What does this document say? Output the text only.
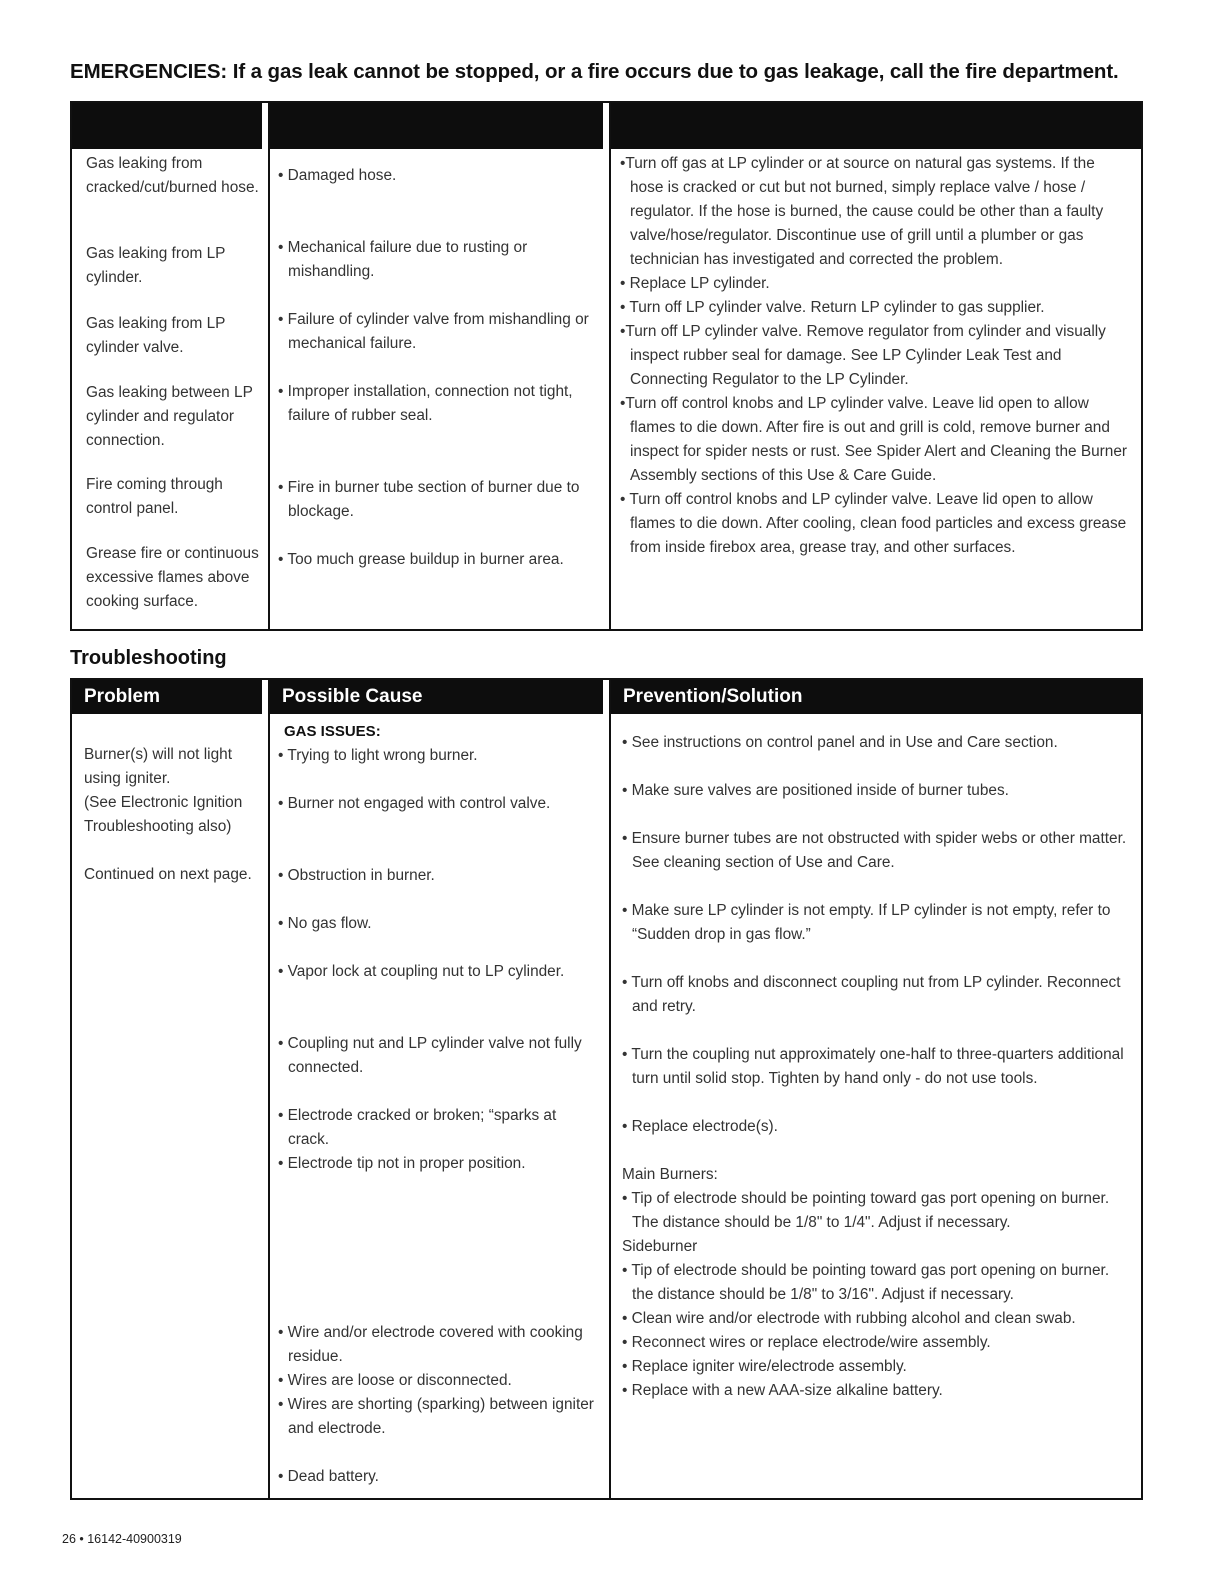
EMERGENCIES: If a gas leak cannot be stopped, or a fire occurs due to gas leakage, call the fire department.
Gas leaking from cracked/cut/burned hose.
Gas leaking from LP cylinder.
Gas leaking from LP cylinder valve.
Gas leaking between LP cylinder and regulator connection.
Fire coming through control panel.
Grease fire or continuous excessive flames above cooking surface.
• Damaged hose.
• Mechanical failure due to rusting or mishandling.
• Failure of cylinder valve from mishandling or mechanical failure.
• Improper installation, connection not tight, failure of rubber seal.
• Fire in burner tube section of burner due to blockage.
• Too much grease buildup in burner area.

•Turn off gas at LP cylinder or at source on natural gas systems. If the hose is cracked or cut but not burned, simply replace valve / hose / regulator. If the hose is burned, the cause could be other than a faulty valve/hose/regulator. Discontinue use of grill until a plumber or gas technician has investigated and corrected the problem.

• Replace LP cylinder.

• Turn off LP cylinder valve. Return LP cylinder to gas supplier.

•Turn off LP cylinder valve. Remove regulator from cylinder and visually inspect rubber seal for damage. See LP Cylinder Leak Test and Connecting Regulator to the LP Cylinder.

•Turn off control knobs and LP cylinder valve. Leave lid open to allow flames to die down. After fire is out and grill is cold, remove burner and inspect for spider nests or rust. See Spider Alert and Cleaning the Burner Assembly sections of this Use & Care Guide.

• Turn off control knobs and LP cylinder valve. Leave lid open to allow flames to die down. After cooling, clean food particles and excess grease from inside firebox area, grease tray, and other surfaces.

Troubleshooting
Problem	Possible Cause	Prevention/Solution

Burner(s) will not light using igniter.

(See Electronic Ignition Troubleshooting also)

Continued on next page.

GAS ISSUES:
• Trying to light wrong burner.
• Burner not engaged with control valve.
• Obstruction in burner.
• No gas flow.
• Vapor lock at coupling nut to LP cylinder.
• Coupling nut and LP cylinder valve not fully connected.
• Electrode cracked or broken; “sparks at crack.
• Electrode tip not in proper position.
• Wire and/or electrode covered with cooking residue.
• Wires are loose or disconnected.
• Wires are shorting (sparking) between igniter and electrode.
• Dead battery.
• See instructions on control panel and in Use and Care section.
• Make sure valves are positioned inside of burner tubes.
• Ensure burner tubes are not obstructed with spider webs or other matter. See cleaning section of Use and Care.
• Make sure LP cylinder is not empty. If LP cylinder is not empty, refer to “Sudden drop in gas flow.”
• Turn off knobs and disconnect coupling nut from LP cylinder. Reconnect and retry.
• Turn the coupling nut approximately one-half to three-quarters additional turn until solid stop. Tighten by hand only - do not use tools.
• Replace electrode(s).

Main Burners:

• Tip of electrode should be pointing toward gas port opening on burner. The distance should be 1/8" to 1/4". Adjust if necessary.

Sideburner

• Tip of electrode should be pointing toward gas port opening on burner. the distance should be 1/8" to 3/16". Adjust if necessary.

• Clean wire and/or electrode with rubbing alcohol and clean swab.

• Reconnect wires or replace electrode/wire assembly.

• Replace igniter wire/electrode assembly.

• Replace with a new AAA-size alkaline battery.

26 • 16142-40900319
